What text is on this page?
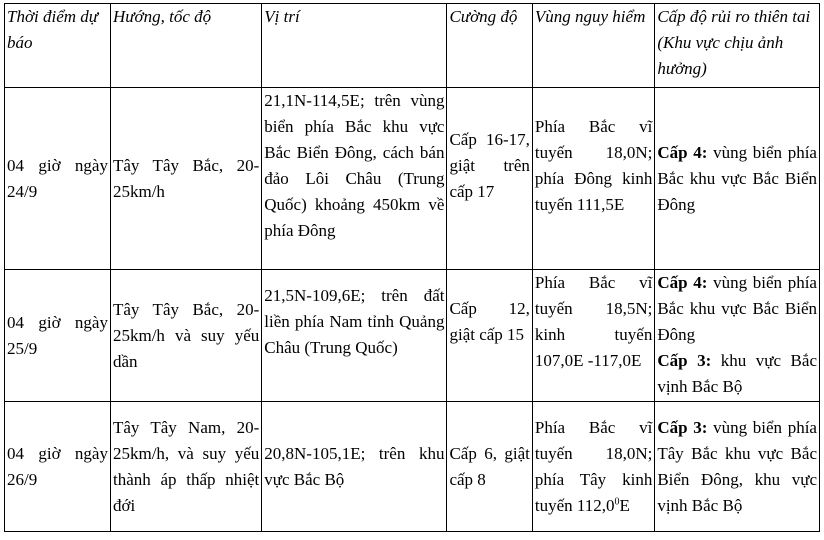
Thời điểm dự báo	Hướng, tốc độ	Vị trí	Cường độ	Vùng nguy hiểm	Cấp độ rủi ro thiên tai (Khu vực chịu ảnh hưởng)
04 giờ ngày 24/9	Tây Tây Bắc, 20-25km/h	21,1N-114,5E; trên vùng biển phía Bắc khu vực Bắc Biển Đông, cách bán đảo Lôi Châu (Trung Quốc) khoảng 450km về phía Đông	Cấp 16-17, giật trên cấp 17	Phía Bắc vĩ tuyến 18,0N; phía Đông kinh tuyến 111,5E	Cấp 4: vùng biển phía Bắc khu vực Bắc Biển Đông

04 giờ ngày 25/9	Tây Tây Bắc, 20-25km/h và suy yếu dần	21,5N-109,6E; trên đất liền phía Nam tỉnh Quảng Châu (Trung Quốc)	Cấp 12, giật cấp 15	Phía Bắc vĩ tuyến 18,5N; kinh tuyến 107,0E -117,0E	Cấp 4: vùng biển phía Bắc khu vực Bắc Biển Đông
Cấp 3: khu vực Bắc vịnh Bắc Bộ

04 giờ ngày 26/9	Tây Tây Nam, 20-25km/h, và suy yếu thành áp thấp nhiệt đới	20,8N-105,1E; trên khu vực Bắc Bộ	Cấp 6, giật cấp 8	Phía Bắc vĩ tuyến 18,0N; phía Tây kinh tuyến 112,0$^0$E	Cấp 3: vùng biển phía Tây Bắc khu vực Bắc Biển Đông, khu vực vịnh Bắc Bộ
